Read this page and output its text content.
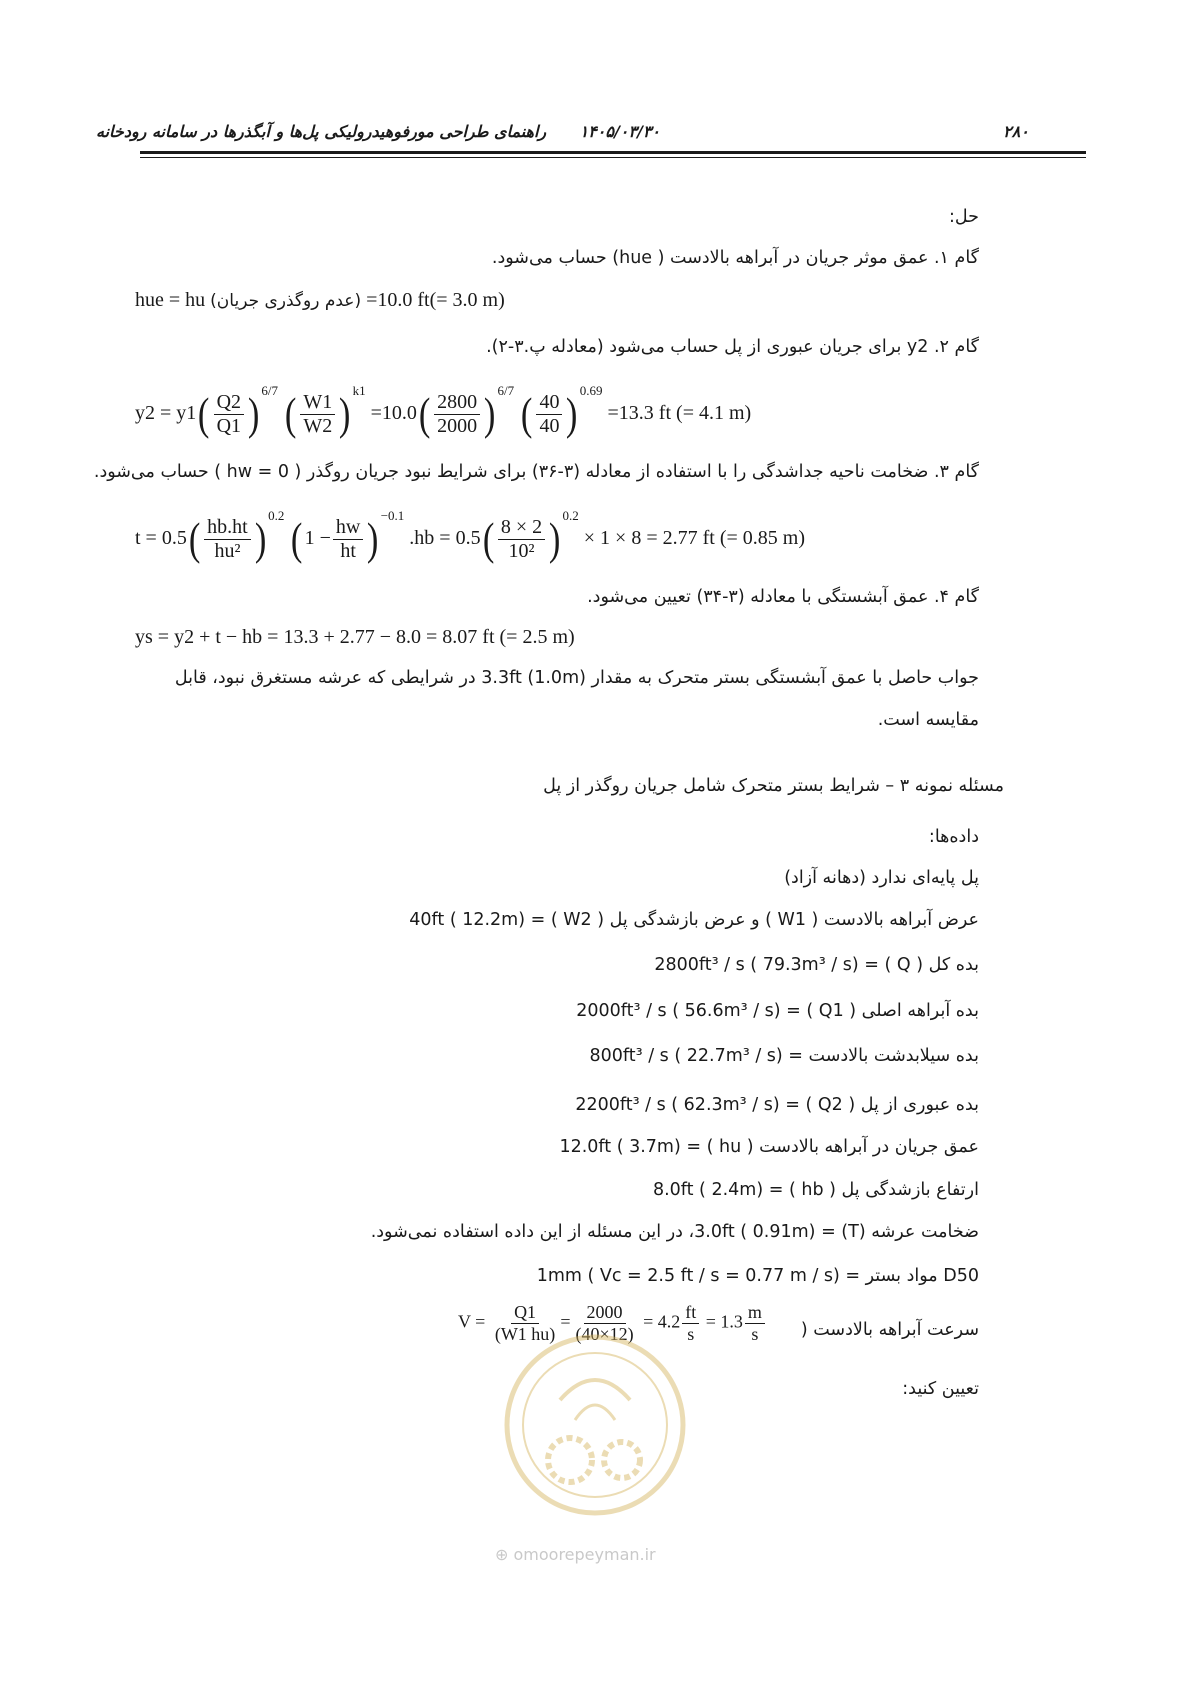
۲۸۰
۱۴۰۵/۰۳/۳۰      راهنمای طراحی مورفوهیدرولیکی پل‌ها و آبگذرها در سامانه رودخانه
حل:
گام ۱. عمق موثر جریان در آبراهه بالادست ( hue) حساب می‌شود.
hue = hu (عدم روگذری جریان) =10.0 ft(= 3.0 m)
گام ۲. y2 برای جریان عبوری از پل حساب می‌شود (معادله پ.۳-۲).
$y2 = y1( \frac{Q2}{Q1}$ ) $^{6/7}$ ( $\frac{W1}{W2}$ ) $^{k1} =10.0( \frac{2800}{2000}$ ) $^{6/7}$ ( $\frac{40}{40}$ ) $^{0.69}$ =13.3 ft (= 4.1 m)
گام ۳. ضخامت ناحیه جداشدگی را با استفاده از معادله (۳-۳۶) برای شرایط نبود جریان روگذر ( hw = 0 ) حساب می‌شود.
$t = 0.5( \frac{hb.ht}{\text{hu²}}$ ) $^{0.2}$ ($1 - \frac{hw}{ht}$ ) $^{-0.1}$ $.hb = 0.5( \frac{8 \times 2}{\text{10²}}$ ) $^{0.2}$ × 1 × 8 = 2.77 ft (= 0.85 m)
گام ۴. عمق آبشستگی با معادله (۳-۳۴) تعیین می‌شود.
ys = y2 + t − hb = 13.3 + 2.77 − 8.0 = 8.07 ft (= 2.5 m)
جواب حاصل با عمق آبشستگی بستر متحرک به مقدار 3.3ft (1.0m) در شرایطی که عرشه مستغرق نبود، قابل
مقایسه است.
مسئله نمونه ۳ – شرایط بستر متحرک شامل جریان روگذر از پل
داده‌ها:
پل پایه‌ای ندارد (دهانه آزاد)
عرض آبراهه بالادست ( W1 ) و عرض بازشدگی پل ( W2 ) = 40ft ( 12.2m)
بده کل ( Q ) = 2800ft³ / s ( 79.3m³ / s)
بده آبراهه اصلی ( Q1 ) = 2000ft³ / s ( 56.6m³ / s)
بده سیلابدشت بالادست = 800ft³ / s ( 22.7m³ / s)
بده عبوری از پل ( Q2 ) = 2200ft³ / s ( 62.3m³ / s)
عمق جریان در آبراهه بالادست ( hu ) = 12.0ft ( 3.7m)
ارتفاع بازشدگی پل ( hb ) = 8.0ft ( 2.4m)
ضخامت عرشه (T) = 3.0ft ( 0.91m)، در این مسئله از این داده استفاده نمی‌شود.
D50 مواد بستر = 1mm ( Vc = 2.5 ft / s = 0.77 m / s)
سرعت آبراهه بالادست (
$V = \frac{Q1}{(W1 hu)} = \frac{2000}{(40\times 12)} = 4.2 \frac{ft}{s} = 1.3 \frac{m}{s}$
تعیین کنید:
⊕ omoorepeyman.ir
